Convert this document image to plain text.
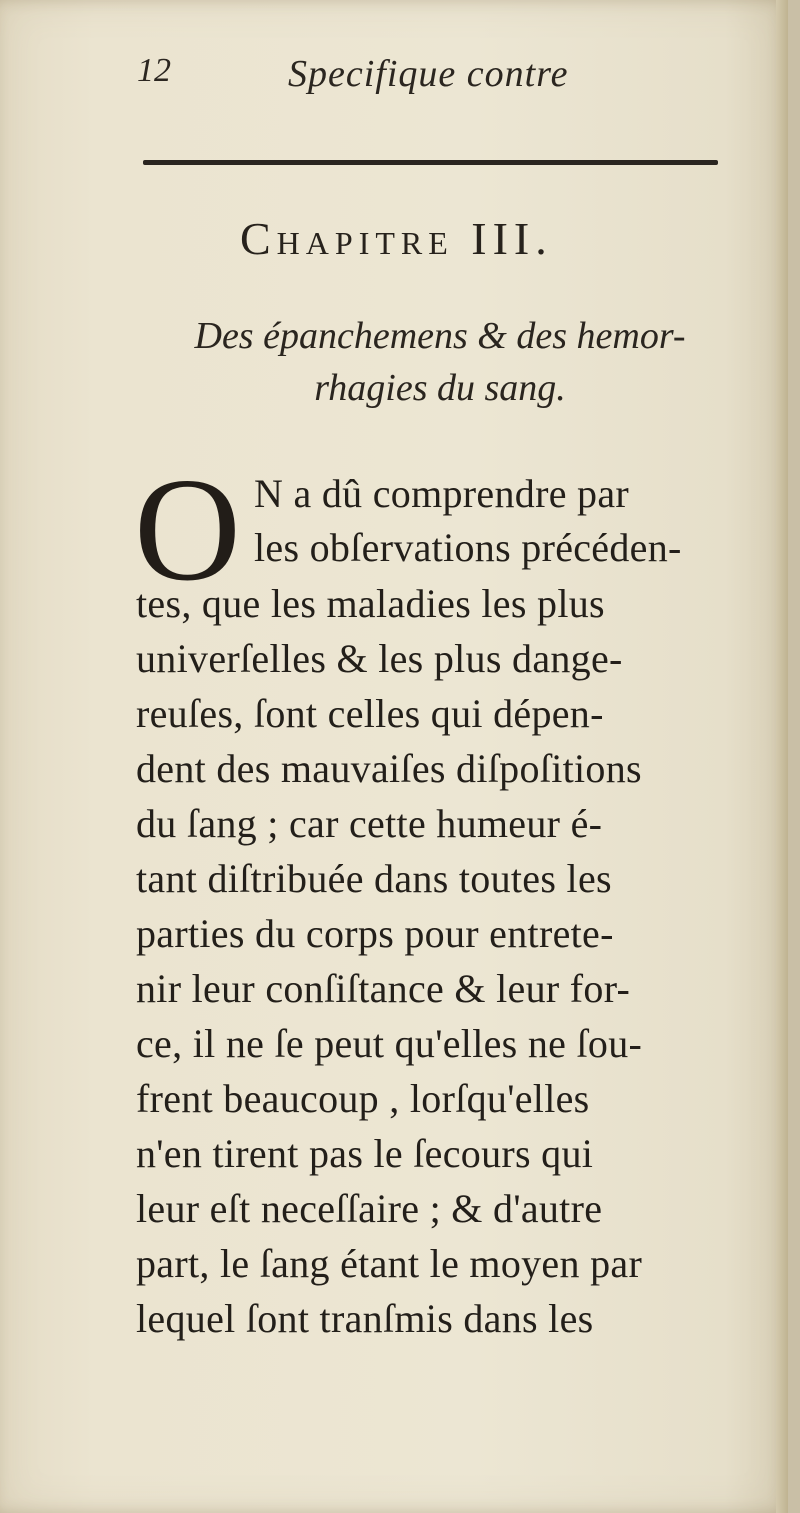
12	Specifique contre
Chapitre III.
Des épanchemens & des hemor-
rhagies du sang.
O N a dû comprendre par
les obſervations précéden-
tes, que les maladies les plus
univerſelles & les plus dange-
reuſes, ſont celles qui dépen-
dent des mauvaiſes diſpoſitions
du ſang ; car cette humeur é-
tant diſtribuée dans toutes les
parties du corps pour entrete-
nir leur conſiſtance & leur for-
ce, il ne ſe peut qu'elles ne ſou-
frent beaucoup , lorſqu'elles
n'en tirent pas le ſecours qui
leur eſt neceſſaire ; & d'autre
part, le ſang étant le moyen par
lequel ſont tranſmis dans les
